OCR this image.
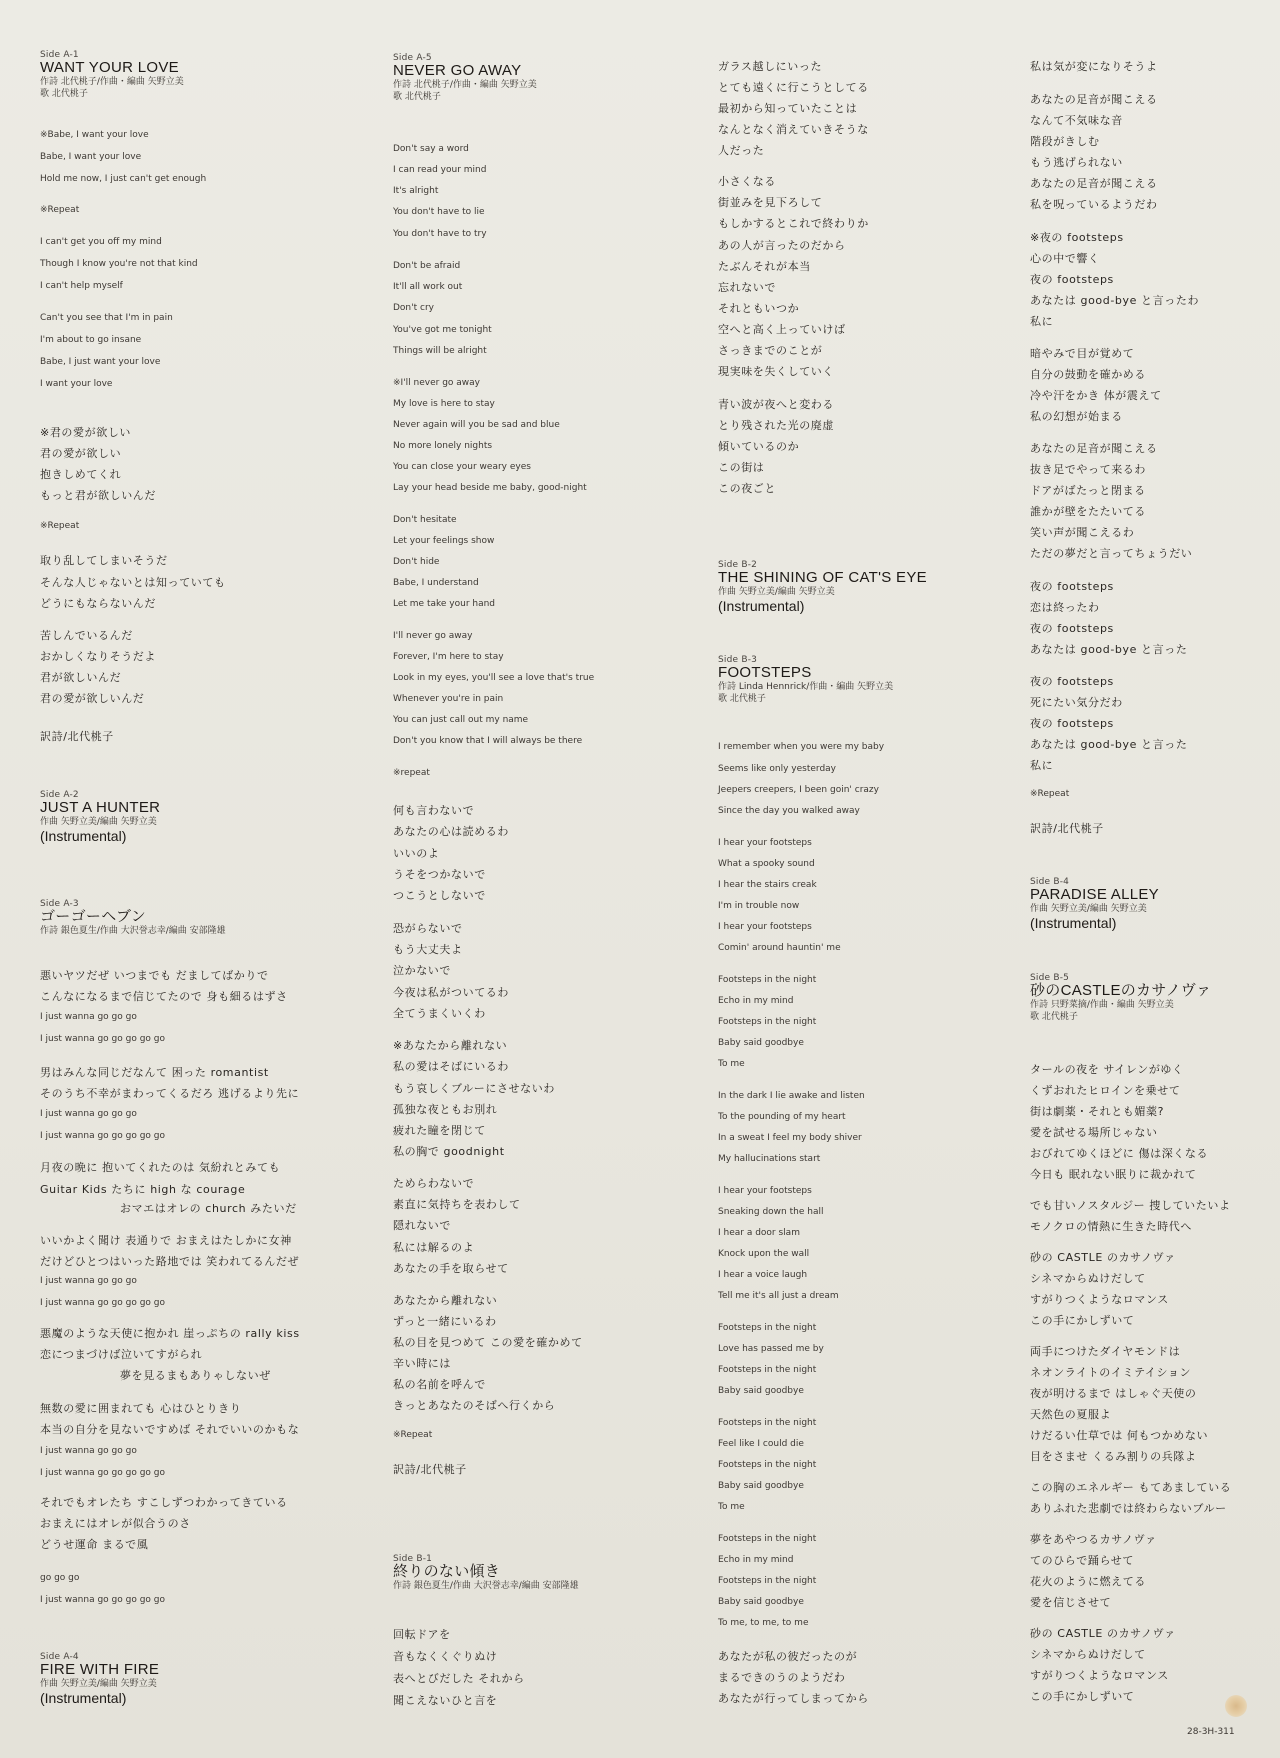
Side A-1
WANT YOUR LOVE
作詩 北代桃子/作曲・編曲 矢野立美
歌 北代桃子
Side A-2
JUST A HUNTER
作曲 矢野立美/編曲 矢野立美
(Instrumental)
Side A-3
ゴーゴーヘブン
作詩 銀色夏生/作曲 大沢誉志幸/編曲 安部隆雄
Side A-4
FIRE WITH FIRE
作曲 矢野立美/編曲 矢野立美
(Instrumental)
※Babe, I want your love
Babe, I want your love
Hold me now, I just can't get enough
※Repeat
I can't get you off my mind
Though I know you're not that kind
I can't help myself
Can't you see that I'm in pain
I'm about to go insane
Babe, I just want your love
I want your love
※君の愛が欲しい
君の愛が欲しい
抱きしめてくれ
もっと君が欲しいんだ
※Repeat
取り乱してしまいそうだ
そんな人じゃないとは知っていても
どうにもならないんだ
苦しんでいるんだ
おかしくなりそうだよ
君が欲しいんだ
君の愛が欲しいんだ
訳詩/北代桃子
悪いヤツだぜ いつまでも だましてばかりで
こんなになるまで信じてたので 身も細るはずさ
I just wanna go go go
I just wanna go go go go go
男はみんな同じだなんて 困った romantist
そのうち不幸がまわってくるだろ 逃げるより先に
I just wanna go go go
I just wanna go go go go go
月夜の晩に 抱いてくれたのは 気紛れとみても
Guitar Kids たちに high な courage
おマエはオレの church みたいだ
いいかよく聞け 表通りで おまえはたしかに女神
だけどひとつはいった路地では 笑われてるんだぜ
I just wanna go go go
I just wanna go go go go go
悪魔のような天使に抱かれ 崖っぷちの rally kiss
恋につまづけば泣いてすがられ
夢を見るまもありゃしないぜ
無数の愛に囲まれても 心はひとりきり
本当の自分を見ないですめば それでいいのかもな
I just wanna go go go
I just wanna go go go go go
それでもオレたち すこしずつわかってきている
おまえにはオレが似合うのさ
どうせ運命 まるで風
go go go
I just wanna go go go go go
Side A-5
NEVER GO AWAY
作詩 北代桃子/作曲・編曲 矢野立美
歌 北代桃子
Side B-1
終りのない傾き
作詩 銀色夏生/作曲 大沢誉志幸/編曲 安部隆雄
Don't say a word
I can read your mind
It's alright
You don't have to lie
You don't have to try
Don't be afraid
It'll all work out
Don't cry
You've got me tonight
Things will be alright
※I'll never go away
My love is here to stay
Never again will you be sad and blue
No more lonely nights
You can close your weary eyes
Lay your head beside me baby, good-night
Don't hesitate
Let your feelings show
Don't hide
Babe, I understand
Let me take your hand
I'll never go away
Forever, I'm here to stay
Look in my eyes, you'll see a love that's true
Whenever you're in pain
You can just call out my name
Don't you know that I will always be there
※repeat
何も言わないで
あなたの心は読めるわ
いいのよ
うそをつかないで
つこうとしないで
恐がらないで
もう大丈夫よ
泣かないで
今夜は私がついてるわ
全てうまくいくわ
※あなたから離れない
私の愛はそばにいるわ
もう哀しくブルーにさせないわ
孤独な夜ともお別れ
疲れた瞳を閉じて
私の胸で goodnight
ためらわないで
素直に気持ちを表わして
隠れないで
私には解るのよ
あなたの手を取らせて
あなたから離れない
ずっと一緒にいるわ
私の目を見つめて この愛を確かめて
辛い時には
私の名前を呼んで
きっとあなたのそばへ行くから
※Repeat
訳詩/北代桃子
回転ドアを
音もなくくぐりぬけ
表へとびだした それから
聞こえないひと言を
Side B-2
THE SHINING OF CAT'S EYE
作曲 矢野立美/編曲 矢野立美
(Instrumental)
Side B-3
FOOTSTEPS
作詩 Linda Hennrick/作曲・編曲 矢野立美
歌 北代桃子
ガラス越しにいった
とても遠くに行こうとしてる
最初から知っていたことは
なんとなく消えていきそうな
人だった
小さくなる
街並みを見下ろして
もしかするとこれで終わりか
あの人が言ったのだから
たぶんそれが本当
忘れないで
それともいつか
空へと高く上っていけば
さっきまでのことが
現実味を失くしていく
青い波が夜へと変わる
とり残された光の廃虚
傾いているのか
この街は
この夜ごと
I remember when you were my baby
Seems like only yesterday
Jeepers creepers, I been goin' crazy
Since the day you walked away
I hear your footsteps
What a spooky sound
I hear the stairs creak
I'm in trouble now
I hear your footsteps
Comin' around hauntin' me
Footsteps in the night
Echo in my mind
Footsteps in the night
Baby said goodbye
To me
In the dark I lie awake and listen
To the pounding of my heart
In a sweat I feel my body shiver
My hallucinations start
I hear your footsteps
Sneaking down the hall
I hear a door slam
Knock upon the wall
I hear a voice laugh
Tell me it's all just a dream
Footsteps in the night
Love has passed me by
Footsteps in the night
Baby said goodbye
Footsteps in the night
Feel like I could die
Footsteps in the night
Baby said goodbye
To me
Footsteps in the night
Echo in my mind
Footsteps in the night
Baby said goodbye
To me, to me, to me
あなたが私の彼だったのが
まるできのうのようだわ
あなたが行ってしまってから
Side B-4
PARADISE ALLEY
作曲 矢野立美/編曲 矢野立美
(Instrumental)
Side B-5
砂のCASTLEのカサノヴァ
作詩 只野菜摘/作曲・編曲 矢野立美
歌 北代桃子
私は気が変になりそうよ
あなたの足音が聞こえる
なんて不気味な音
階段がきしむ
もう逃げられない
あなたの足音が聞こえる
私を呪っているようだわ
※夜の footsteps
心の中で響く
夜の footsteps
あなたは good-bye と言ったわ
私に
暗やみで目が覚めて
自分の鼓動を確かめる
冷や汗をかき 体が震えて
私の幻想が始まる
あなたの足音が聞こえる
抜き足でやって来るわ
ドアがばたっと閉まる
誰かが壁をたたいてる
笑い声が聞こえるわ
ただの夢だと言ってちょうだい
夜の footsteps
恋は終ったわ
夜の footsteps
あなたは good-bye と言った
夜の footsteps
死にたい気分だわ
夜の footsteps
あなたは good-bye と言った
私に
※Repeat
訳詩/北代桃子
タールの夜を サイレンがゆく
くずおれたヒロインを乗せて
街は劇薬・それとも媚薬?
愛を試せる場所じゃない
おびれてゆくほどに 傷は深くなる
今日も 眠れない眠りに裁かれて
でも甘いノスタルジー 捜していたいよ
モノクロの情熱に生きた時代へ
砂の CASTLE のカサノヴァ
シネマからぬけだして
すがりつくようなロマンス
この手にかしずいて
両手につけたダイヤモンドは
ネオンライトのイミテイション
夜が明けるまで はしゃぐ天使の
天然色の夏服よ
けだるい仕草では 何もつかめない
目をさませ くるみ割りの兵隊よ
この胸のエネルギー もてあましている
ありふれた悲劇では終わらないブルー
夢をあやつるカサノヴァ
てのひらで踊らせて
花火のように燃えてる
愛を信じさせて
砂の CASTLE のカサノヴァ
シネマからぬけだして
すがりつくようなロマンス
この手にかしずいて
28-3H-311
